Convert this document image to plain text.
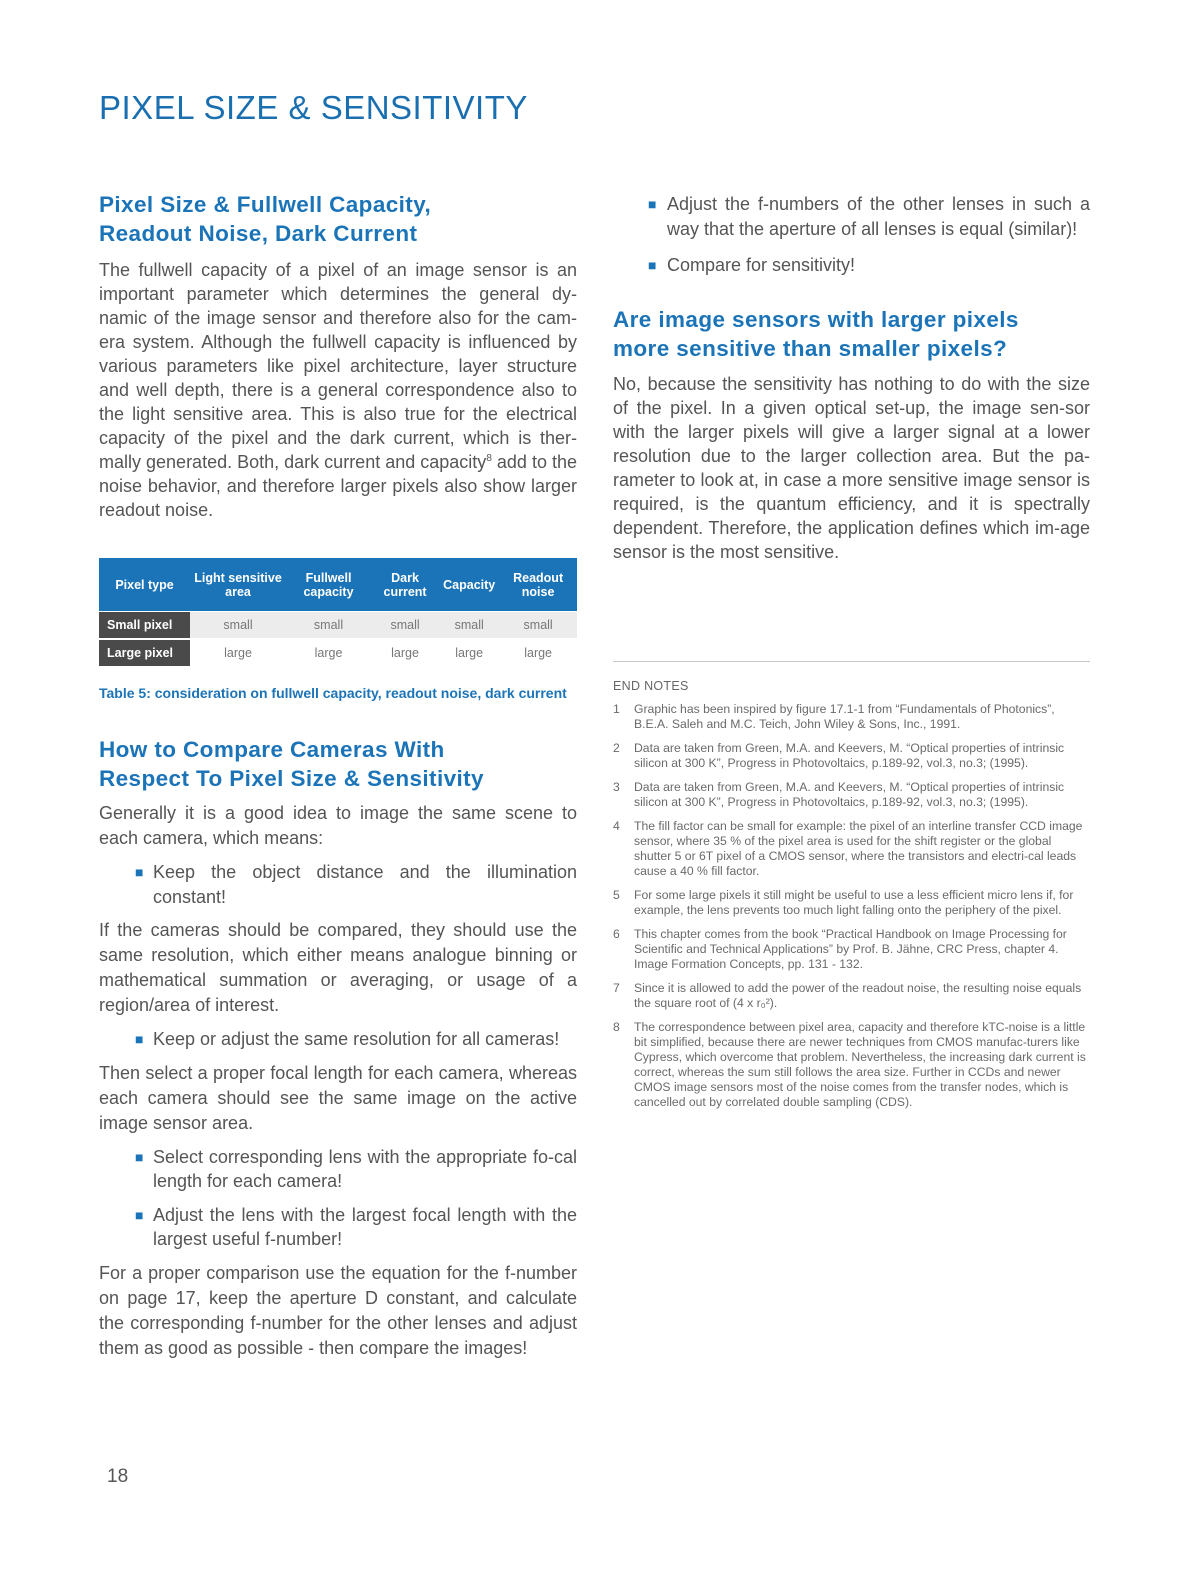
PIXEL SIZE & SENSITIVITY
Pixel Size & Fullwell Capacity,
Readout Noise, Dark Current

The fullwell capacity of a pixel of an image sensor is an important parameter which determines the general dy-namic of the image sensor and therefore also for the cam-era system. Although the fullwell capacity is influenced by various parameters like pixel architecture, layer structure and well depth, there is a general correspondence also to the light sensitive area. This is also true for the electrical capacity of the pixel and the dark current, which is ther-mally generated. Both, dark current and capacity$^8$ add to the noise behavior, and therefore larger pixels also show larger readout noise.

Pixel type	Light sensitive area	Fullwell capacity	Dark current	Capacity	Readout noise
Small pixel	small	small	small	small	small
Large pixel	large	large	large	large	large

Table 5: consideration on fullwell capacity, readout noise, dark current

How to Compare Cameras With
Respect To Pixel Size & Sensitivity

Generally it is a good idea to image the same scene to each camera, which means:

■ Keep the object distance and the illumination constant!

If the cameras should be compared, they should use the same resolution, which either means analogue binning or mathematical summation or averaging, or usage of a region/area of interest.

■ Keep or adjust the same resolution for all cameras!

Then select a proper focal length for each camera, whereas each camera should see the same image on the active image sensor area.

■ Select corresponding lens with the appropriate fo-cal length for each camera!
■ Adjust the lens with the largest focal length with the largest useful f-number!

For a proper comparison use the equation for the f-number on page 17, keep the aperture D constant, and calculate the corresponding f-number for the other lenses and adjust them as good as possible - then compare the images!

■ Adjust the f-numbers of the other lenses in such a way that the aperture of all lenses is equal (similar)!
■ Compare for sensitivity!
Are image sensors with larger pixels
more sensitive than smaller pixels?

No, because the sensitivity has nothing to do with the size of the pixel. In a given optical set-up, the image sen-sor with the larger pixels will give a larger signal at a lower resolution due to the larger collection area. But the pa-rameter to look at, in case a more sensitive image sensor is required, is the quantum efficiency, and it is spectrally dependent. Therefore, the application defines which im-age sensor is the most sensitive.

END NOTES

1 Graphic has been inspired by figure 17.1-1 from “Fundamentals of Photonics”, B.E.A. Saleh and M.C. Teich, John Wiley & Sons, Inc., 1991.

2 Data are taken from Green, M.A. and Keevers, M. “Optical properties of intrinsic silicon at 300 K”, Progress in Photovoltaics, p.189-92, vol.3, no.3; (1995).

3 Data are taken from Green, M.A. and Keevers, M. “Optical properties of intrinsic silicon at 300 K”, Progress in Photovoltaics, p.189-92, vol.3, no.3; (1995).

4 The fill factor can be small for example: the pixel of an interline transfer CCD image sensor, where 35 % of the pixel area is used for the shift register or the global shutter 5 or 6T pixel of a CMOS sensor, where the transistors and electri-cal leads cause a 40 % fill factor.

5 For some large pixels it still might be useful to use a less efficient micro lens if, for example, the lens prevents too much light falling onto the periphery of the pixel.

6 This chapter comes from the book “Practical Handbook on Image Processing for Scientific and Technical Applications” by Prof. B. Jähne, CRC Press, chapter 4. Image Formation Concepts, pp. 131 - 132.

7 Since it is allowed to add the power of the readout noise, the resulting noise equals the square root of (4 x r₀²).

8 The correspondence between pixel area, capacity and therefore kTC-noise is a little bit simplified, because there are newer techniques from CMOS manufac-turers like Cypress, which overcome that problem. Nevertheless, the increasing dark current is correct, whereas the sum still follows the area size. Further in CCDs and newer CMOS image sensors most of the noise comes from the transfer nodes, which is cancelled out by correlated double sampling (CDS).

18
